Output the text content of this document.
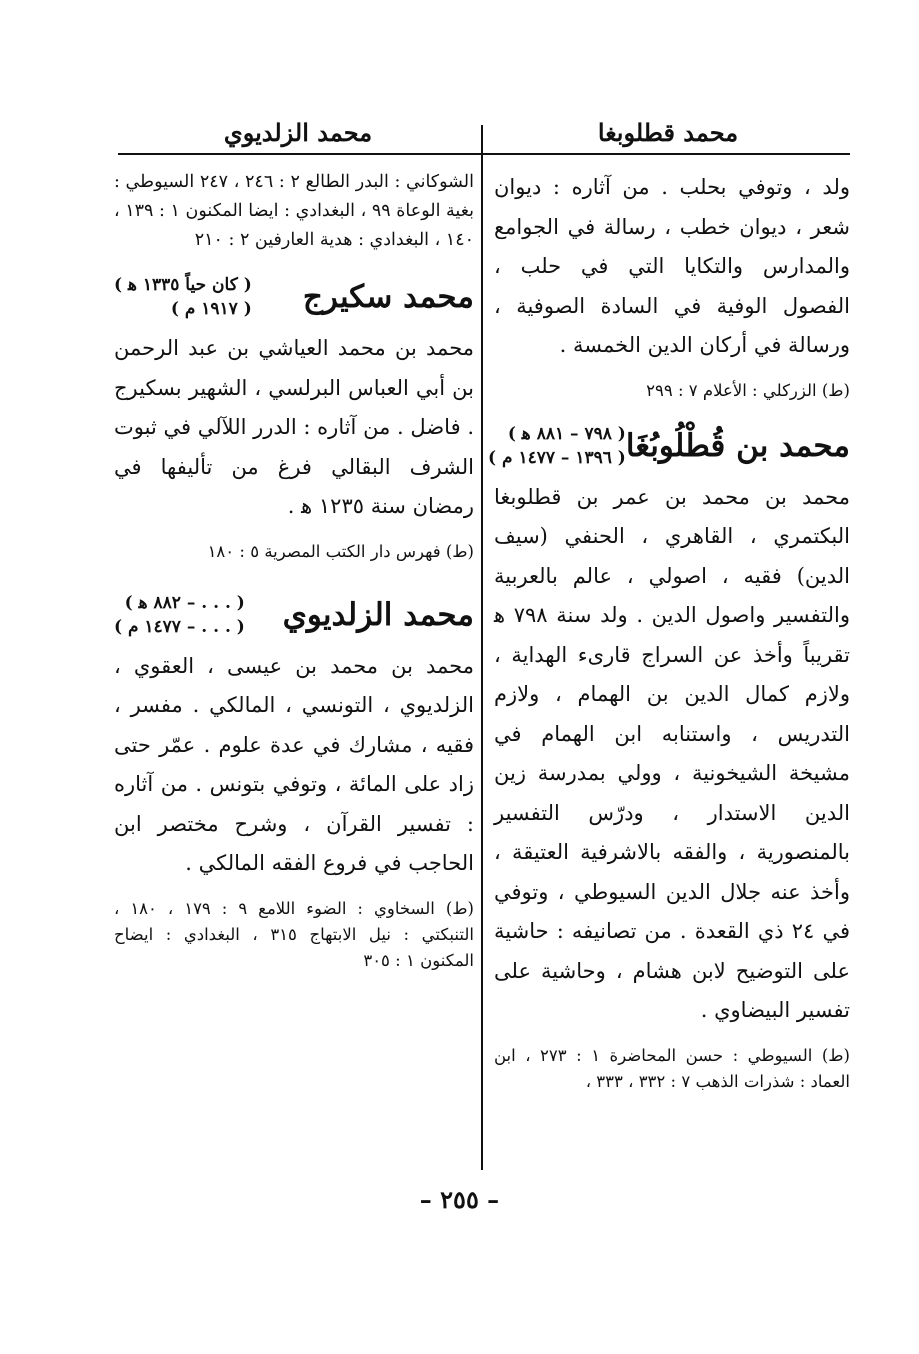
محمد قطلوبغا
محمد الزلديوي

ولد ، وتوفي بحلب . من آثاره : ديوان شعر ، ديوان خطب ، رسالة في الجوامع والمدارس والتكايا التي في حلب ، الفصول الوفية في السادة الصوفية ، ورسالة في أركان الدين الخمسة .

(ط) الزركلي : الأعلام ٧ : ٢٩٩

محمد بن قُطْلُوبُغَا
( ٧٩٨ – ٨٨١ ﻫ )
( ١٣٩٦ – ١٤٧٧ م )

محمد بن محمد بن عمر بن قطلوبغا البكتمري ، القاهري ، الحنفي (سيف الدين) فقيه ، اصولي ، عالم بالعربية والتفسير واصول الدين . ولد سنة ٧٩٨ ﻫ تقريباً وأخذ عن السراج قارىء الهداية ، ولازم كمال الدين بن الهمام ، ولازم التدريس ، واستنابه ابن الهمام في مشيخة الشيخونية ، وولي بمدرسة زين الدين الاستدار ، ودرّس التفسير بالمنصورية ، والفقه بالاشرفية العتيقة ، وأخذ عنه جلال الدين السيوطي ، وتوفي في ٢٤ ذي القعدة . من تصانيفه : حاشية على التوضيح لابن هشام ، وحاشية على تفسير البيضاوي .

(ط) السيوطي : حسن المحاضرة ١ : ٢٧٣ ، ابن العماد : شذرات الذهب ٧ : ٣٣٢ ، ٣٣٣ ،

الشوكاني : البدر الطالع ٢ : ٢٤٦ ، ٢٤٧ السيوطي : بغية الوعاة ٩٩ ، البغدادي : ايضا المكنون ١ : ١٣٩ ، ١٤٠ ، البغدادي : هدية العارفين ٢ : ٢١٠

محمد سكيرج
( كان حياً ١٣٣٥ ﻫ )
( ١٩١٧ م )

محمد بن محمد العياشي بن عبد الرحمن بن أبي العباس البرلسي ، الشهير بسكيرج . فاضل . من آثاره : الدرر اللآلي في ثبوت الشرف البقالي فرغ من تأليفها في رمضان سنة ١٢٣٥ ﻫ .

(ط) فهرس دار الكتب المصرية ٥ : ١٨٠

محمد الزلديوي
( . . . – ٨٨٢ ﻫ )
( . . . – ١٤٧٧ م )

محمد بن محمد بن عيسى ، العقوي ، الزلديوي ، التونسي ، المالكي . مفسر ، فقيه ، مشارك في عدة علوم . عمّر حتى زاد على المائة ، وتوفي بتونس . من آثاره : تفسير القرآن ، وشرح مختصر ابن الحاجب في فروع الفقه المالكي .

(ط) السخاوي : الضوء اللامع ٩ : ١٧٩ ، ١٨٠ ، التنبكتي : نيل الابتهاج ٣١٥ ، البغدادي : ايضاح المكنون ١ : ٣٠٥

– ٢٥٥ –
